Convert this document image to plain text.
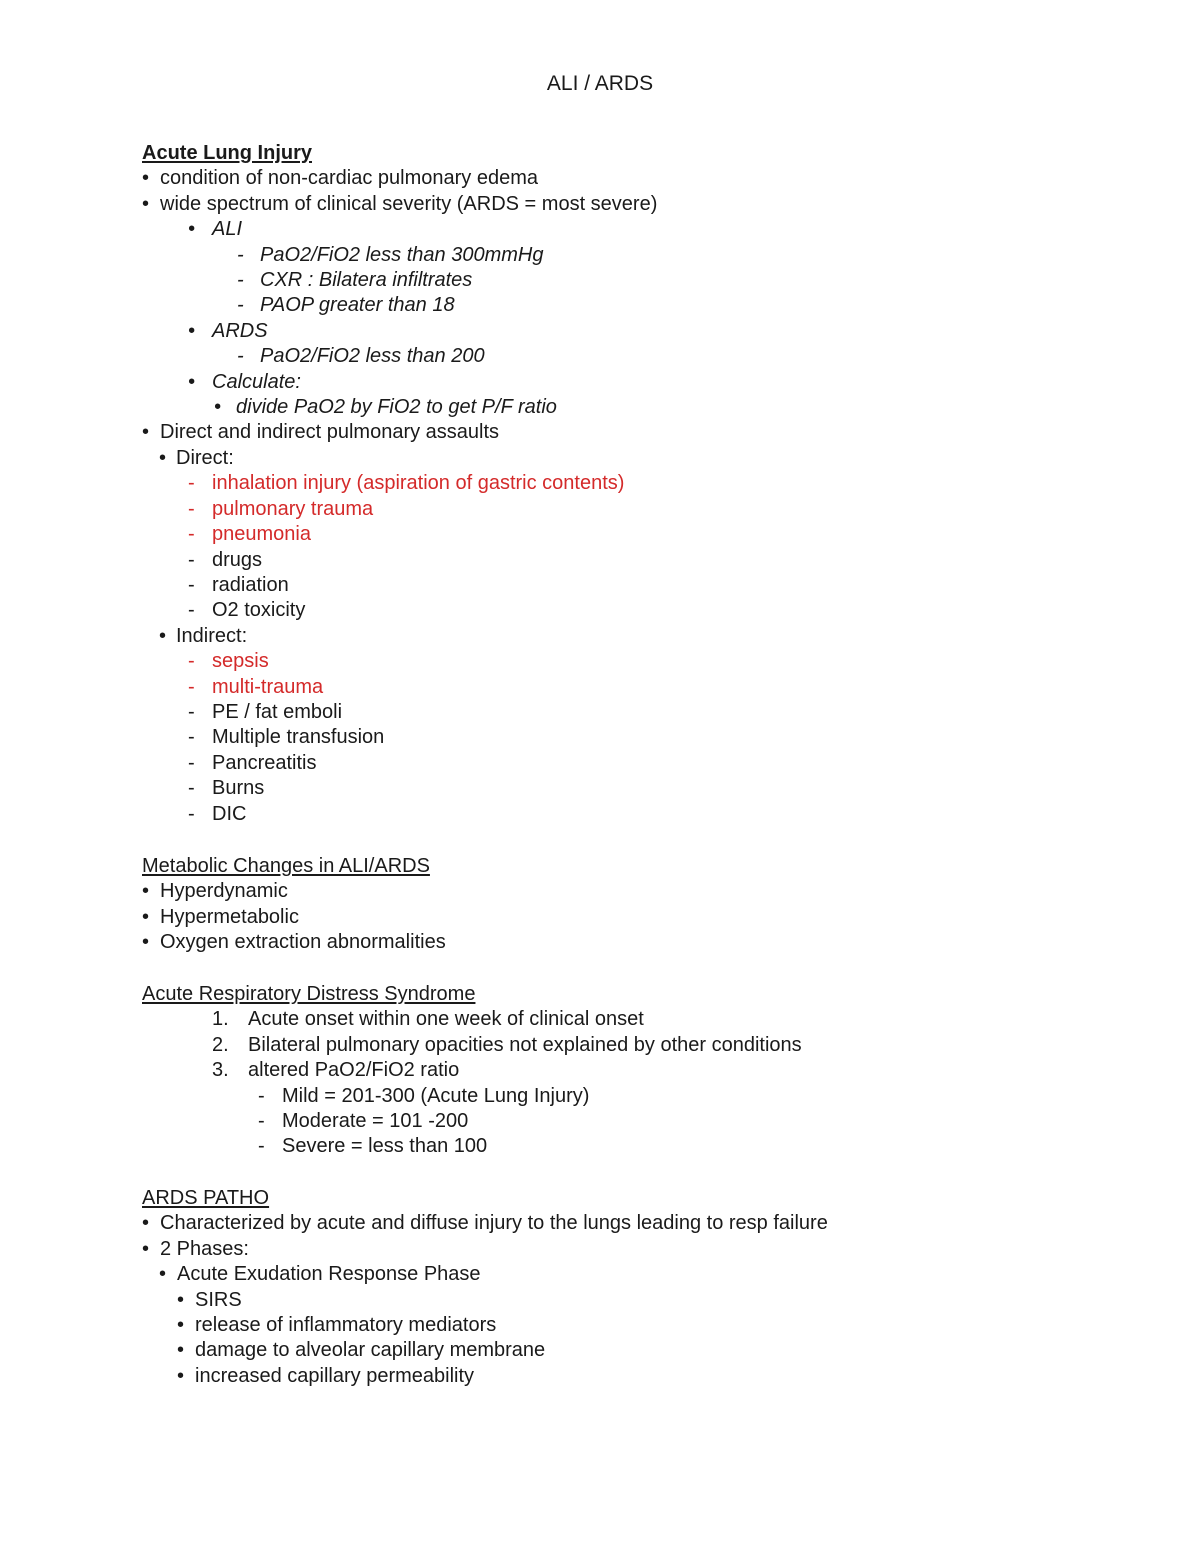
ALI / ARDS
Acute Lung Injury
• condition of non-cardiac pulmonary edema
• wide spectrum of clinical severity (ARDS = most severe)
• ALI
- PaO2/FiO2 less than 300mmHg
- CXR : Bilatera infiltrates
- PAOP greater than 18
• ARDS
- PaO2/FiO2 less than 200
• Calculate:
• divide PaO2 by FiO2 to get P/F ratio
• Direct and indirect pulmonary assaults
• Direct:
- inhalation injury (aspiration of gastric contents)
- pulmonary trauma
- pneumonia
- drugs
- radiation
- O2 toxicity
• Indirect:
- sepsis
- multi-trauma
- PE / fat emboli
- Multiple transfusion
- Pancreatitis
- Burns
- DIC
Metabolic Changes in ALI/ARDS
• Hyperdynamic
• Hypermetabolic
• Oxygen extraction abnormalities
Acute Respiratory Distress Syndrome
1. Acute onset within one week of clinical onset
2. Bilateral pulmonary opacities not explained by other conditions
3. altered PaO2/FiO2 ratio
- Mild = 201-300 (Acute Lung Injury)
- Moderate = 101 -200
- Severe = less than 100
ARDS PATHO
• Characterized by acute and diffuse injury to the lungs leading to resp failure
• 2 Phases:
• Acute Exudation Response Phase
• SIRS
• release of inflammatory mediators
• damage to alveolar capillary membrane
• increased capillary permeability
